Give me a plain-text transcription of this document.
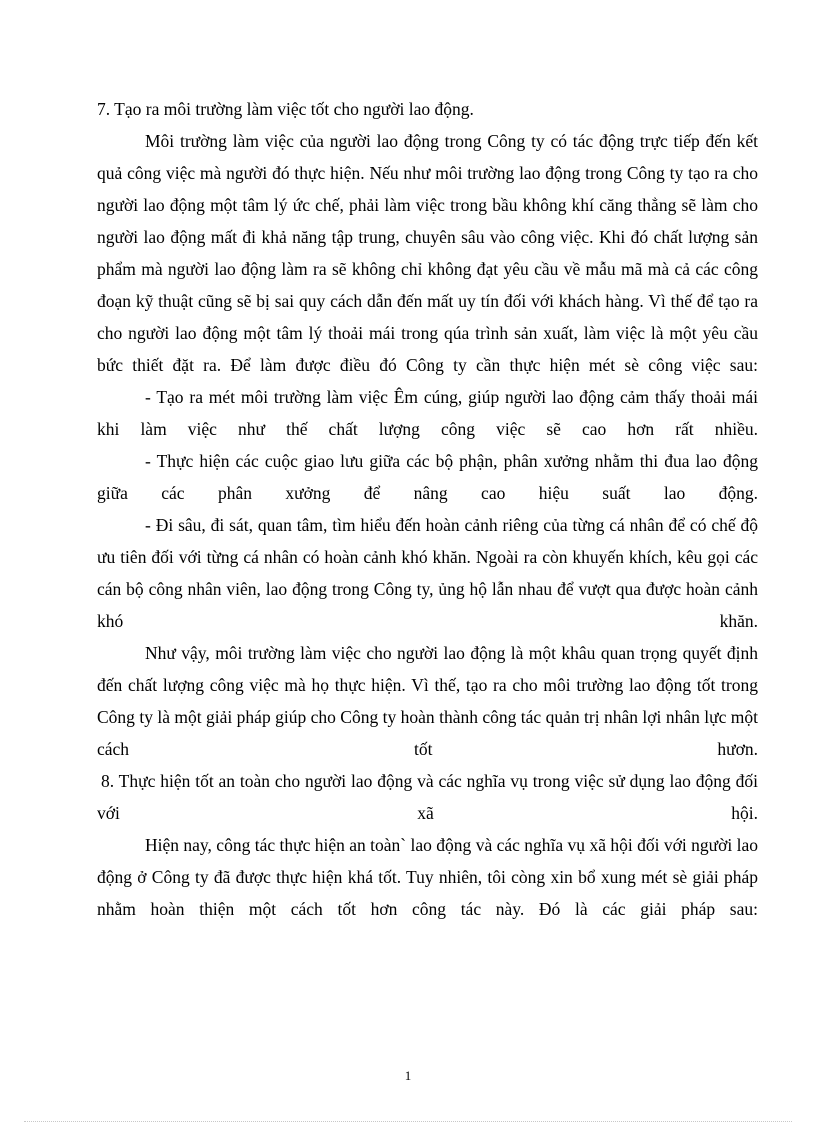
7. Tạo ra môi trường làm việc tốt cho người lao động.

Môi trường làm việc của người lao động trong Công ty có tác động trực tiếp đến kết quả công việc mà người đó thực hiện. Nếu như môi trường lao động trong Công ty tạo ra cho người lao động một tâm lý ức chế, phải làm việc trong bầu không khí căng thẳng sẽ làm cho người lao động mất đi khả năng tập trung, chuyên sâu vào công việc. Khi đó chất lượng sản phẩm mà người lao động làm ra sẽ không chỉ không đạt yêu cầu về mẫu mã mà cả các công đoạn kỹ thuật cũng sẽ bị sai quy cách dẫn đến mất uy tín đối với khách hàng. Vì thế để tạo ra cho người lao động một tâm lý thoải mái trong qúa trình sản xuất, làm việc là một yêu cầu bức thiết đặt ra. Để làm được điều đó Công ty cần thực hiện mét sè công việc sau:

- Tạo ra mét môi trường làm việc Êm cúng, giúp người lao động cảm thấy thoải mái khi làm việc như thế chất lượng công việc sẽ cao hơn rất nhiều.

- Thực hiện các cuộc giao lưu giữa các bộ phận, phân xưởng nhằm thi đua lao động giữa các phân xưởng để nâng cao hiệu suất lao động.

- Đi sâu, đi sát, quan tâm, tìm hiểu đến hoàn cảnh riêng của từng cá nhân để có chế độ ưu tiên đối với từng cá nhân có hoàn cảnh khó khăn. Ngoài ra còn khuyến khích, kêu gọi các cán bộ công nhân viên, lao động trong Công ty, ủng hộ lẫn nhau để vượt qua được hoàn cảnh khó khăn.

Như vậy, môi trường làm việc cho người lao động là một khâu quan trọng quyết định đến chất lượng công việc mà họ thực hiện. Vì thế, tạo ra cho môi trường lao động tốt trong Công ty là một giải pháp giúp cho Công ty hoàn thành công tác quản trị nhân lợi nhân lực một cách tốt hươn.

8. Thực hiện tốt an toàn cho người lao động và các nghĩa vụ trong việc sử dụng lao động đối với xã hội.

Hiện nay, công tác thực hiện an toàn` lao động và các nghĩa vụ xã hội đối với người lao động ở Công ty đã được thực hiện khá tốt. Tuy nhiên, tôi còng xin bổ xung mét sè giải pháp nhằm hoàn thiện một cách tốt hơn công tác này. Đó là các giải pháp sau:

1
